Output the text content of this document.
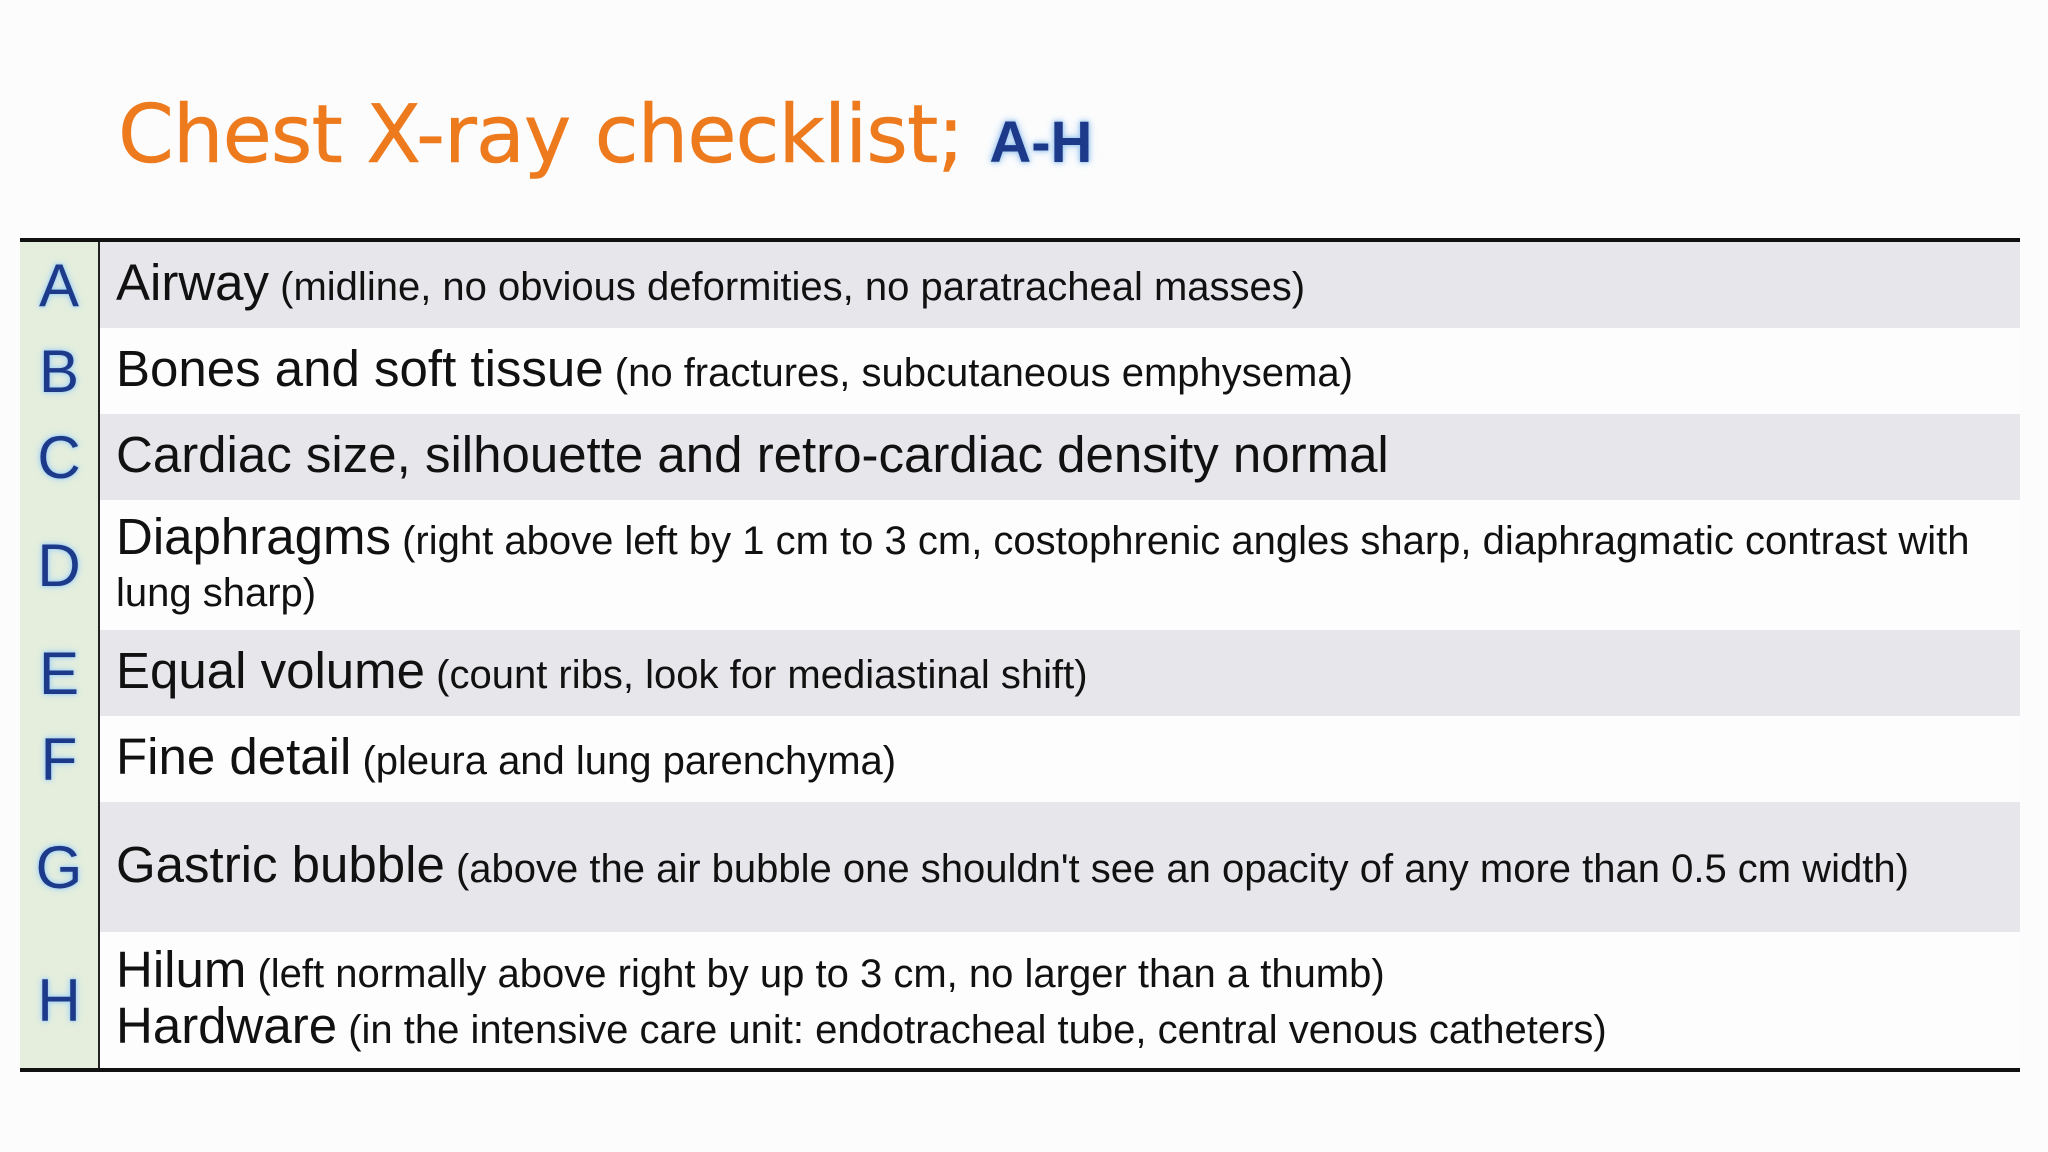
Chest X-ray checklist; A-H
A Airway (midline, no obvious deformities, no paratracheal masses)
B Bones and soft tissue (no fractures, subcutaneous emphysema)
C Cardiac size, silhouette and retro-cardiac density normal
D Diaphragms (right above left by 1 cm to 3 cm, costophrenic angles sharp, diaphragmatic contrast with lung sharp)
E Equal volume (count ribs, look for mediastinal shift)
F Fine detail (pleura and lung parenchyma)
G Gastric bubble (above the air bubble one shouldn't see an opacity of any more than 0.5 cm width)
H Hilum (left normally above right by up to 3 cm, no larger than a thumb)
Hardware (in the intensive care unit: endotracheal tube, central venous catheters)
